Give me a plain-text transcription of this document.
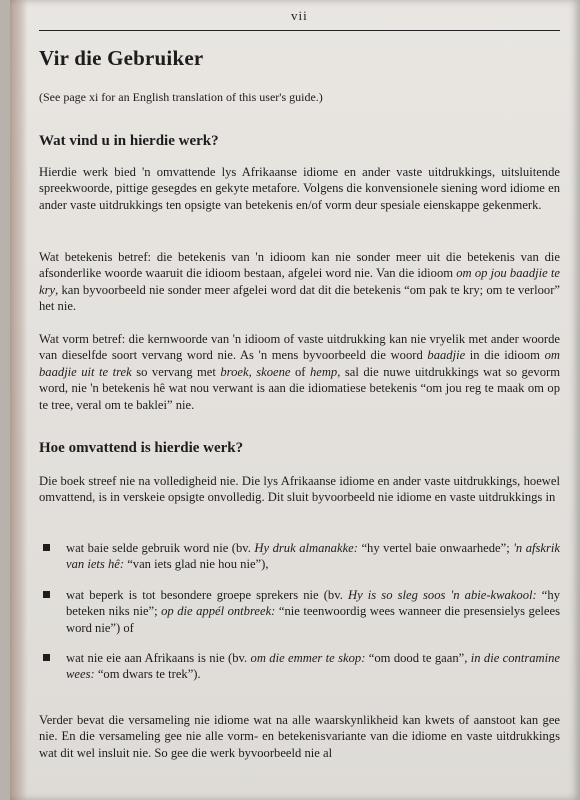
vii
Vir die Gebruiker
(See page xi for an English translation of this user's guide.)
Wat vind u in hierdie werk?

Hierdie werk bied 'n omvattende lys Afrikaanse idiome en ander vaste uitdrukkings, uitsluitende spreekwoorde, pittige gesegdes en gekyte metafore. Volgens die konvensionele siening word idiome en ander vaste uitdrukkings ten opsigte van betekenis en/of vorm deur spesiale eienskappe gekenmerk.

Wat betekenis betref: die betekenis van 'n idioom kan nie sonder meer uit die betekenis van die afsonderlike woorde waaruit die idioom bestaan, afgelei word nie. Van die idioom om op jou baadjie te kry, kan byvoorbeeld nie sonder meer afgelei word dat dit die betekenis “om pak te kry; om te verloor” het nie.

Wat vorm betref: die kernwoorde van 'n idioom of vaste uitdrukking kan nie vryelik met ander woorde van dieselfde soort vervang word nie. As 'n mens byvoorbeeld die woord baadjie in die idioom om baadjie uit te trek so vervang met broek, skoene of hemp, sal die nuwe uitdrukkings wat so gevorm word, nie 'n betekenis hê wat nou verwant is aan die idiomatiese betekenis “om jou reg te maak om op te tree, veral om te baklei” nie.

Hoe omvattend is hierdie werk?

Die boek streef nie na volledigheid nie. Die lys Afrikaanse idiome en ander vaste uitdrukkings, hoewel omvattend, is in verskeie opsigte onvolledig. Dit sluit byvoorbeeld nie idiome en vaste uitdrukkings in

wat baie selde gebruik word nie (bv. Hy druk almanakke: “hy vertel baie onwaarhede”; 'n afskrik van iets hê: “van iets glad nie hou nie”),
wat beperk is tot besondere groepe sprekers nie (bv. Hy is so sleg soos 'n abie-kwakool: “hy beteken niks nie”; op die appél ontbreek: “nie teenwoordig wees wanneer die presensielys gelees word nie”) of
wat nie eie aan Afrikaans is nie (bv. om die emmer te skop: “om dood te gaan”, in die contramine wees: “om dwars te trek”).

Verder bevat die versameling nie idiome wat na alle waarskynlikheid kan kwets of aanstoot kan gee nie. En die versameling gee nie alle vorm- en betekenisvariante van die idiome en vaste uitdrukkings wat dit wel insluit nie. So gee die werk byvoorbeeld nie al
